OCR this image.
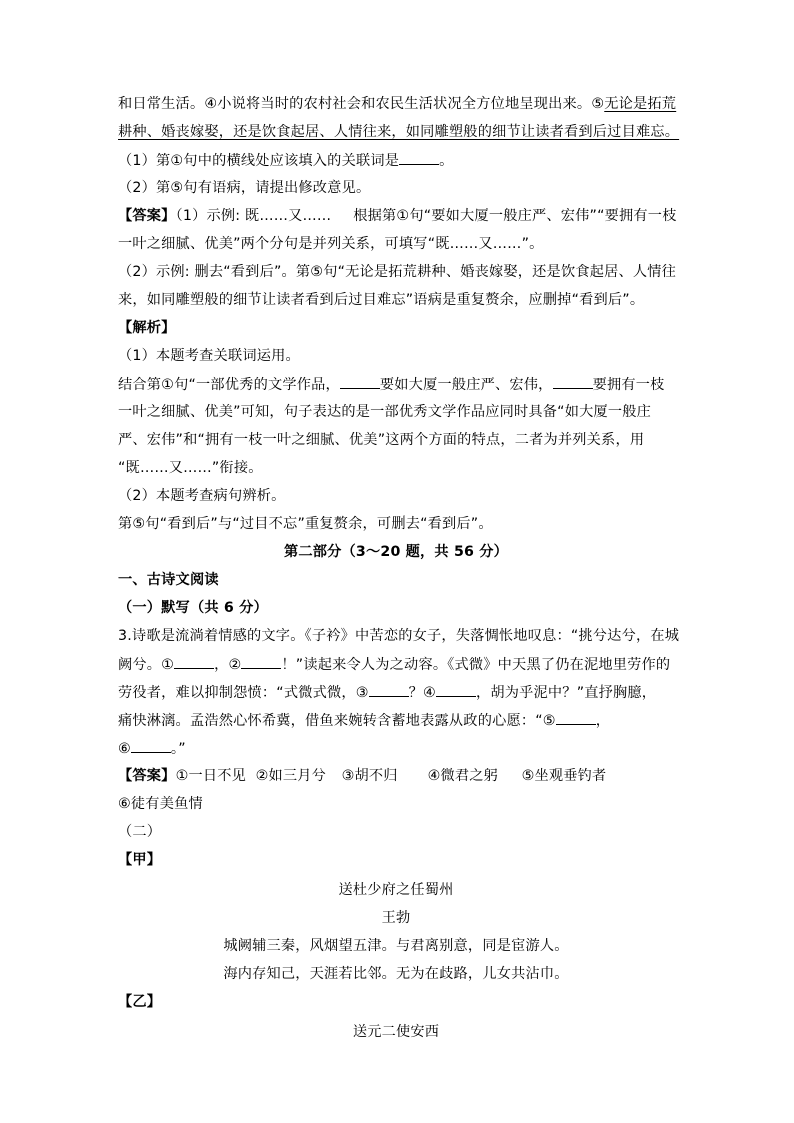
和日常生活。④小说将当时的农村社会和农民生活状况全方位地呈现出来。⑤无论是拓荒
耕种、婚丧嫁娶，还是饮食起居、人情往来，如同雕塑般的细节让读者看到后过目难忘。
（1）第①句中的横线处应该填入的关联词是	。
（2）第⑤句有语病，请提出修改意见。
【答案】（1）示例: 既……又…… 根据第①句“要如大厦一般庄严、宏伟”“要拥有一枝
一叶之细腻、优美”两个分句是并列关系，可填写“既……又……”。
（2）示例: 删去“看到后”。第⑤句“无论是拓荒耕种、婚丧嫁娶，还是饮食起居、人情往
来，如同雕塑般的细节让读者看到后过目难忘”语病是重复赘余，应删掉“看到后”。
【解析】
（1）本题考查关联词运用。
结合第①句“一部优秀的文学作品，	要如大厦一般庄严、宏伟，	要拥有一枝
一叶之细腻、优美”可知，句子表达的是一部优秀文学作品应同时具备“如大厦一般庄
严、宏伟”和“拥有一枝一叶之细腻、优美”这两个方面的特点，二者为并列关系，用
“既……又……”衔接。
（2）本题考查病句辨析。
第⑤句“看到后”与“过目不忘”重复赘余，可删去“看到后”。
第二部分（3～20 题，共 56 分）
一、古诗文阅读
（一）默写（共 6 分）
3.诗歌是流淌着情感的文字。《子衿》中苦恋的女子，失落惆怅地叹息：“挑兮达兮，在城
阙兮。①	，②	！”读起来令人为之动容。《式微》中天黑了仍在泥地里劳作的
劳役者，难以抑制怨愤：“式微式微，③	？④	，胡为乎泥中？”直抒胸臆，
痛快淋漓。孟浩然心怀希冀，借鱼来婉转含蓄地表露从政的心愿：“⑤	，
⑥	。”
【答案】①一日不见 ②如三月兮 ③胡不归 ④微君之躬 ⑤坐观垂钓者
⑥徒有美鱼情
（二）
【甲】
送杜少府之任蜀州
王勃
城阙辅三秦，风烟望五津。与君离别意，同是宦游人。
海内存知己，天涯若比邻。无为在歧路，儿女共沾巾。
【乙】
送元二使安西
